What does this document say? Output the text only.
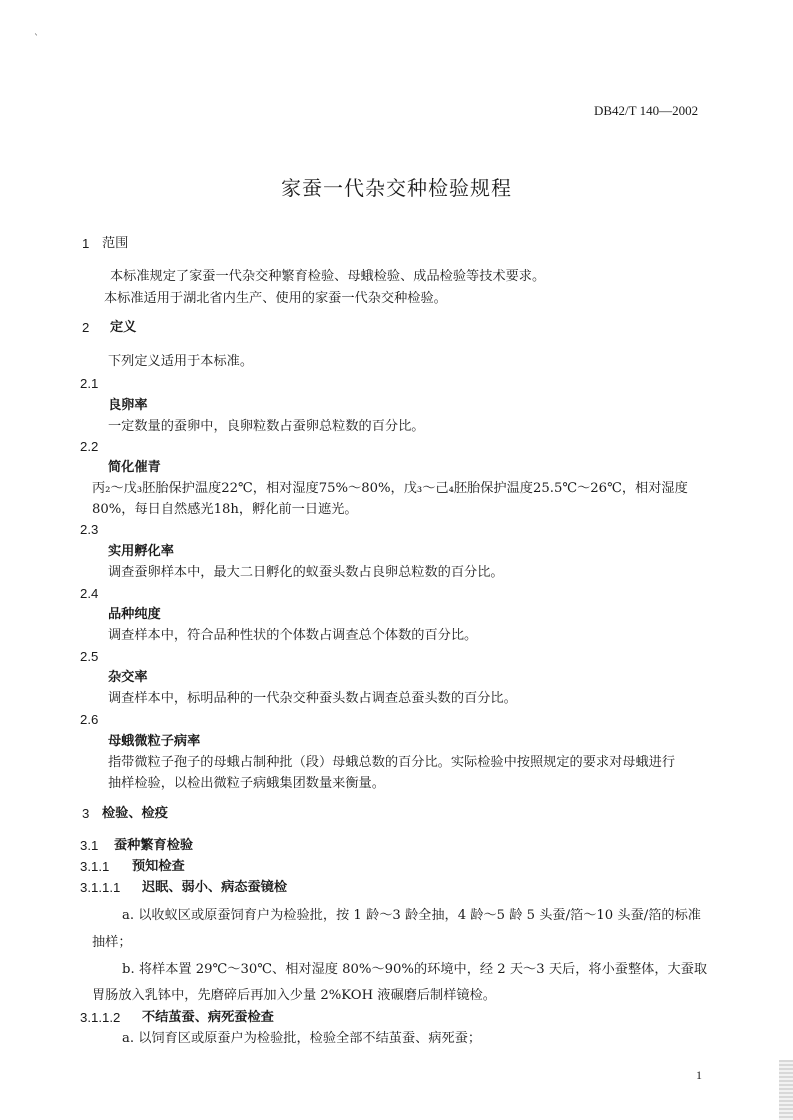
`
DB42/T 140—2002
家蚕一代杂交种检验规程
1 范围
本标准规定了家蚕一代杂交种繁育检验、母蛾检验、成品检验等技术要求。
本标准适用于湖北省内生产、使用的家蚕一代杂交种检验。
2 定义
下列定义适用于本标准。
2.1
良卵率
一定数量的蚕卵中，良卵粒数占蚕卵总粒数的百分比。
2.2
简化催青
丙₂～戊₃胚胎保护温度22℃，相对湿度75%～80%，戊₃～己₄胚胎保护温度25.5℃～26℃，相对湿度
80%，每日自然感光18h，孵化前一日遮光。
2.3
实用孵化率
调查蚕卵样本中，最大二日孵化的蚁蚕头数占良卵总粒数的百分比。
2.4
品种纯度
调查样本中，符合品种性状的个体数占调查总个体数的百分比。
2.5
杂交率
调查样本中，标明品种的一代杂交种蚕头数占调查总蚕头数的百分比。
2.6
母蛾微粒子病率
指带微粒子孢子的母蛾占制种批（段）母蛾总数的百分比。实际检验中按照规定的要求对母蛾进行
抽样检验，以检出微粒子病蛾集团数量来衡量。
3 检验、检疫
3.1 蚕种繁育检验
3.1.1 预知检查
3.1.1.1 迟眠、弱小、病态蚕镜检
a. 以收蚁区或原蚕饲育户为检验批，按 1 龄～3 龄全抽，4 龄～5 龄 5 头蚕/箔～10 头蚕/箔的标准
抽样；
b. 将样本置 29℃～30℃、相对湿度 80%～90%的环境中，经 2 天～3 天后，将小蚕整体，大蚕取
胃肠放入乳钵中，先磨碎后再加入少量 2%KOH 液碾磨后制样镜检。
3.1.1.2 不结茧蚕、病死蚕检查
a. 以饲育区或原蚕户为检验批，检验全部不结茧蚕、病死蚕；
1
